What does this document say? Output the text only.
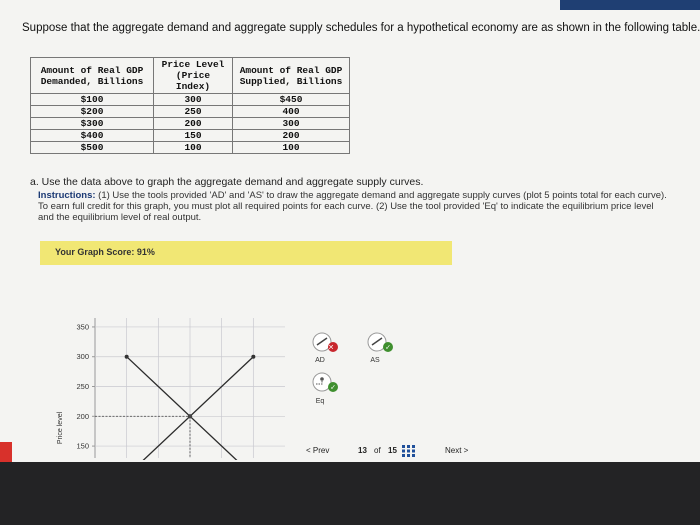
Suppose that the aggregate demand and aggregate supply schedules for a hypothetical economy are as shown in the following table.
Amount of Real GDP Demanded, Billions	Price Level (Price Index)	Amount of Real GDP Supplied, Billions
$100	300	$450
$200	250	400
$300	200	300
$400	150	200
$500	100	100
a. Use the data above to graph the aggregate demand and aggregate supply curves.
Instructions: (1) Use the tools provided 'AD' and 'AS' to draw the aggregate demand and aggregate supply curves (plot 5 points total for each curve). To earn full credit for this graph, you must plot all required points for each curve. (2) Use the tool provided 'Eq' to indicate the equilibrium price level and the equilibrium level of real output.
Your Graph Score: 91%
350
300
250
200
150
Price level
✕
AD
✓
AS
✓
Eq
< Prev	13 of 15	Next >
